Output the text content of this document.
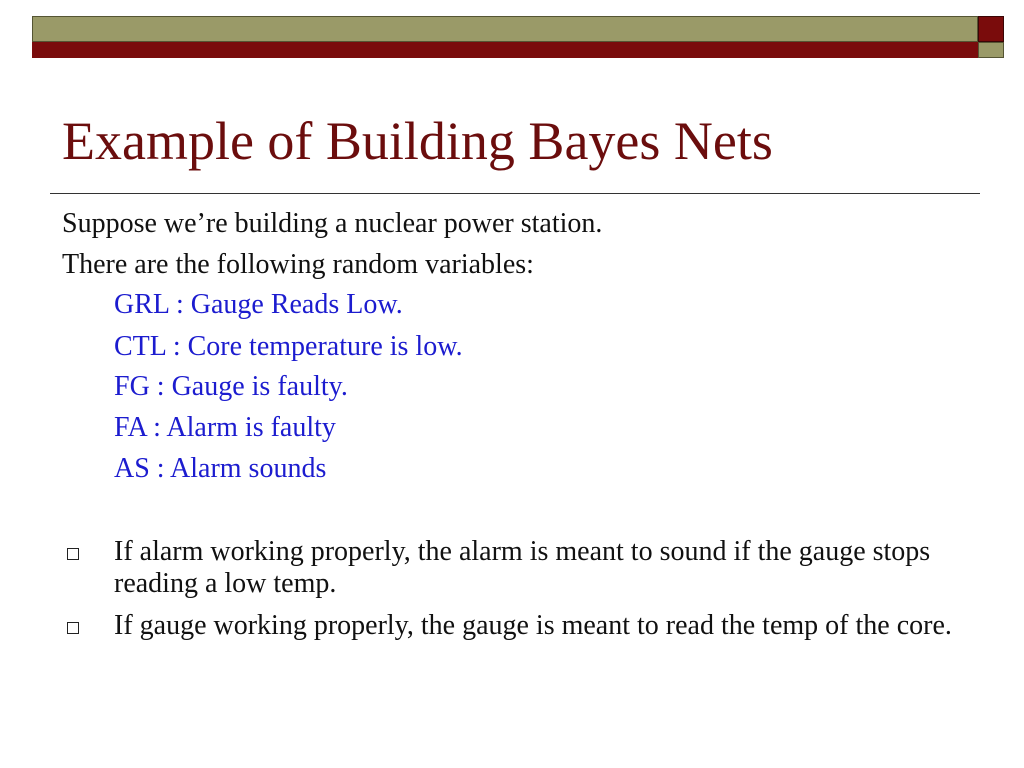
Example of Building Bayes Nets

Suppose we’re building a nuclear power station.

There are the following random variables:

GRL : Gauge Reads Low.

CTL : Core temperature is low.

FG : Gauge is faulty.

FA : Alarm is faulty

AS : Alarm sounds

If alarm working properly, the alarm is meant to sound if the gauge stops reading a low temp.

If gauge working properly, the gauge is meant to read the temp of the core.
